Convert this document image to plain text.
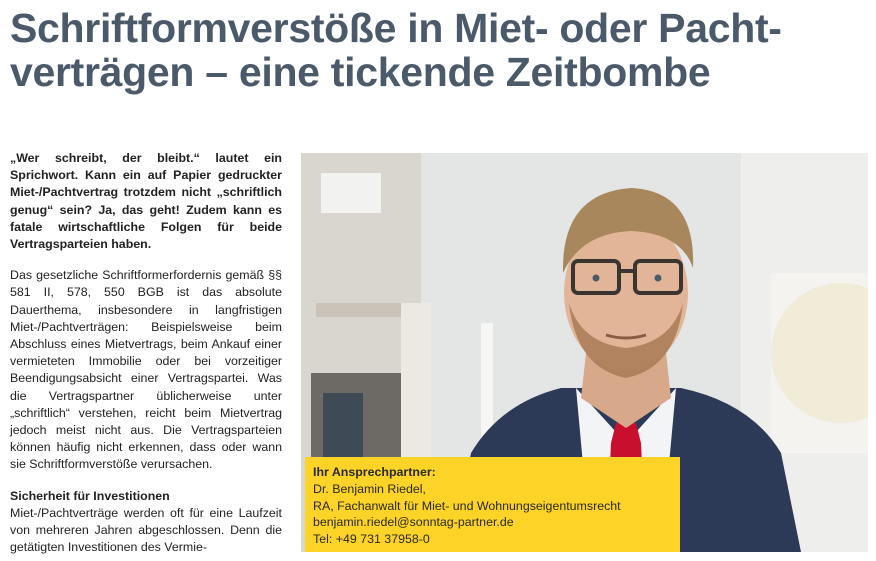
Schriftformverstöße in Miet- oder Pacht-
verträgen – eine tickende Zeitbombe

„Wer schreibt, der bleibt.“ lautet ein Sprichwort. Kann ein auf Papier gedruckter Miet-/Pachtvertrag trotzdem nicht „schriftlich genug“ sein? Ja, das geht! Zudem kann es fatale wirtschaftliche Folgen für beide Vertragsparteien haben.

Das gesetzliche Schriftformerfordernis gemäß §§ 581 II, 578, 550 BGB ist das absolute Dauerthema, insbesondere in langfristigen Miet-/Pachtverträgen: Beispielsweise beim Abschluss eines Mietvertrags, beim Ankauf einer vermieteten Immobilie oder bei vorzeitiger Beendigungsabsicht einer Vertragspartei. Was die Vertragspartner üblicherweise unter „schriftlich“ verstehen, reicht beim Mietvertrag jedoch meist nicht aus. Die Vertragsparteien können häufig nicht erkennen, dass oder wann sie Schriftformverstöße verursachen.

Sicherheit für Investitionen

Miet-/Pachtverträge werden oft für eine Laufzeit von mehreren Jahren abgeschlossen. Denn die getätigten Investitionen des Vermie-

Ihr Ansprechpartner:
Dr. Benjamin Riedel,
RA, Fachanwalt für Miet- und Wohnungseigentumsrecht
benjamin.riedel@sonntag-partner.de
Tel: +49 731 37958-0
